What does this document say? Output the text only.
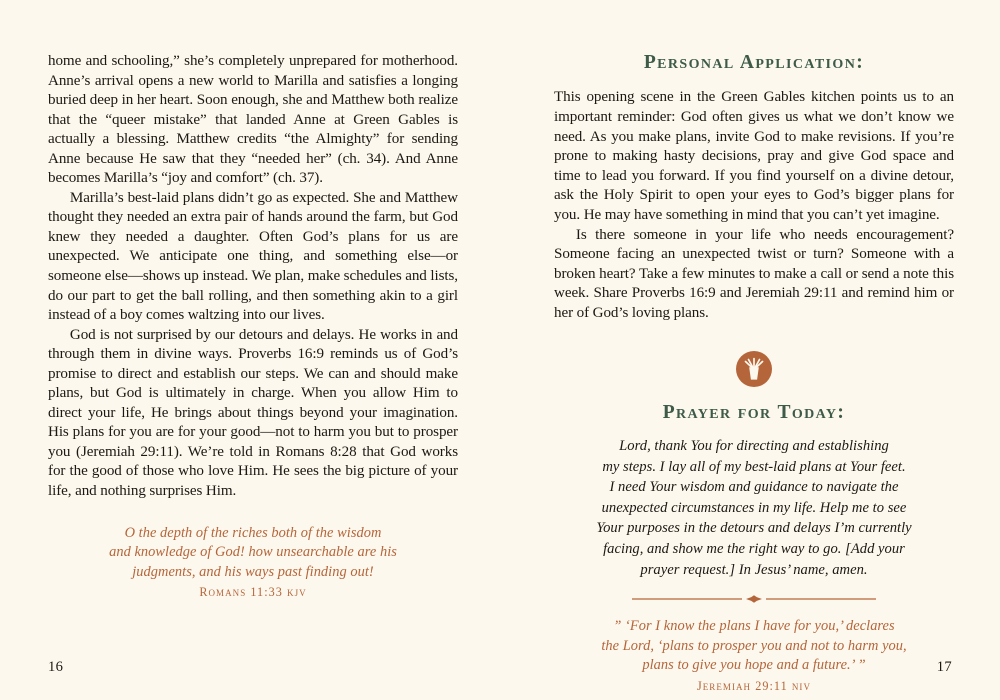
home and schooling,” she’s completely unprepared for motherhood. Anne’s arrival opens a new world to Marilla and satisfies a longing buried deep in her heart. Soon enough, she and Matthew both realize that the “queer mistake” that landed Anne at Green Gables is actually a blessing. Matthew credits “the Almighty” for sending Anne because He saw that they “needed her” (ch. 34). And Anne becomes Marilla’s “joy and comfort” (ch. 37).

Marilla’s best-laid plans didn’t go as expected. She and Matthew thought they needed an extra pair of hands around the farm, but God knew they needed a daughter. Often God’s plans for us are unexpected. We anticipate one thing, and something else—or someone else—shows up instead. We plan, make schedules and lists, do our part to get the ball rolling, and then something akin to a girl instead of a boy comes waltzing into our lives.

God is not surprised by our detours and delays. He works in and through them in divine ways. Proverbs 16:9 reminds us of God’s promise to direct and establish our steps. We can and should make plans, but God is ultimately in charge. When you allow Him to direct your life, He brings about things beyond your imagination. His plans for you are for your good—not to harm you but to prosper you (Jeremiah 29:11). We’re told in Romans 8:28 that God works for the good of those who love Him. He sees the big picture of your life, and nothing surprises Him.

O the depth of the riches both of the wisdom

and knowledge of God! how unsearchable are his

judgments, and his ways past finding out!

Romans 11:33 kjv
16
Personal Application:

This opening scene in the Green Gables kitchen points us to an important reminder: God often gives us what we don’t know we need. As you make plans, invite God to make revisions. If you’re prone to making hasty decisions, pray and give God space and time to lead you forward. If you find yourself on a divine detour, ask the Holy Spirit to open your eyes to God’s bigger plans for you. He may have something in mind that you can’t yet imagine.

Is there someone in your life who needs encouragement? Someone facing an unexpected twist or turn? Someone with a broken heart? Take a few minutes to make a call or send a note this week. Share Proverbs 16:9 and Jeremiah 29:11 and remind him or her of God’s loving plans.

Prayer for Today:

Lord, thank You for directing and establishing

my steps. I lay all of my best-laid plans at Your feet.

I need Your wisdom and guidance to navigate the

unexpected circumstances in my life. Help me to see

Your purposes in the detours and delays I’m currently

facing, and show me the right way to go. [Add your

prayer request.] In Jesus’ name, amen.

” ‘For I know the plans I have for you,’ declares

the Lord, ‘plans to prosper you and not to harm you,

plans to give you hope and a future.’ ”

Jeremiah 29:11 niv
17
